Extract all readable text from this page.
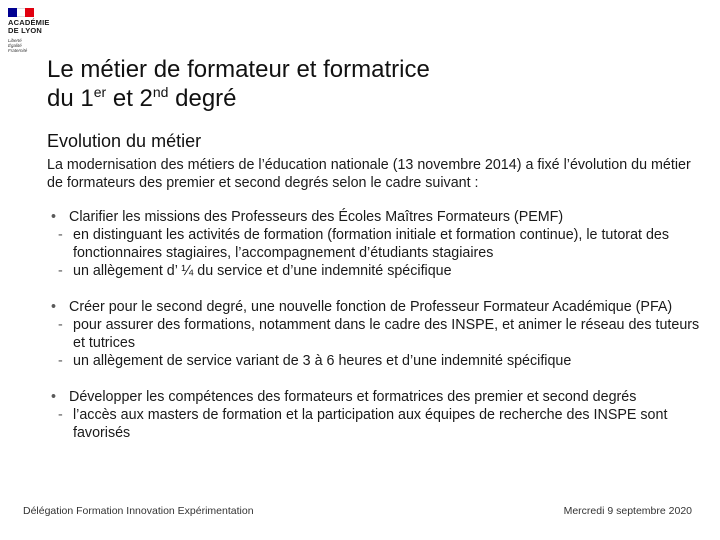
ACADÉMIE
DE LYON
Liberté
Égalité
Fraternité
Le métier de formateur et formatrice
du 1er et 2nd degré
Evolution du métier

La modernisation des métiers de l’éducation nationale (13 novembre 2014) a fixé l’évolution du métier de formateurs des premier et second degrés selon le cadre suivant :

• Clarifier les missions des Professeurs des Écoles Maîtres Formateurs (PEMF)
- en distinguant les activités de formation (formation initiale et formation continue), le tutorat des fonctionnaires stagiaires, l’accompagnement d’étudiants stagiaires
- un allègement d’ ¼ du service et d’une indemnité spécifique
• Créer pour le second degré, une nouvelle fonction de Professeur Formateur Académique (PFA)
- pour assurer des formations, notamment dans le cadre des INSPE, et animer le réseau des tuteurs et tutrices
- un allègement de service variant de 3 à 6 heures et d’une indemnité spécifique
• Développer les compétences des formateurs et formatrices des premier et second degrés
- l’accès aux masters de formation et la participation aux équipes de recherche des INSPE sont favorisés
Délégation Formation Innovation Expérimentation	Mercredi 9 septembre 2020
